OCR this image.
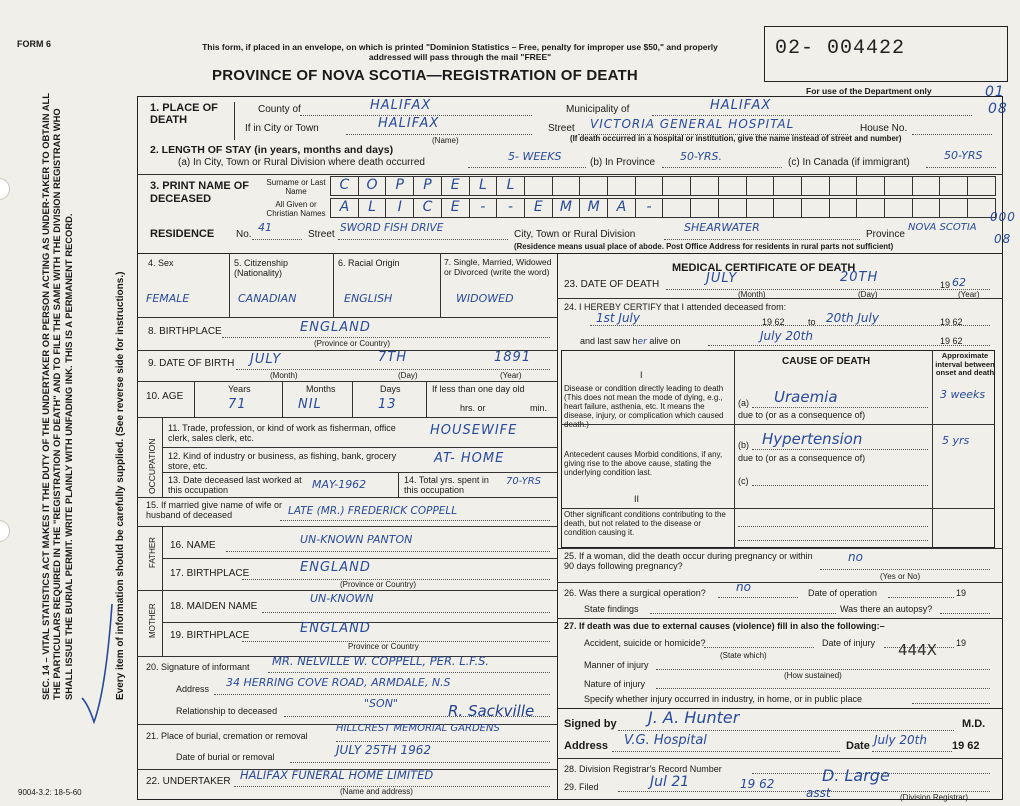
FORM 6
SEC. 14 – VITAL STATISTICS ACT MAKES IT THE DUTY OF THE UNDERTAKER OR PERSON ACTING AS UNDER-TAKER TO OBTAIN ALL THE PARTICULARS REQUIRED IN THE "REGISTRATION OF DEATH" AND TO FILE THE SAME WITH THE DIVISION REGISTRAR WHO SHALL ISSUE THE BURIAL PERMIT. WRITE PLAINLY WITH UNFADING INK. THIS IS A PERMANENT RECORD.	Every item of information should be carefully supplied. (See reverse side for instructions.)
9004-3.2: 18-5-60
This form, if placed in an envelope, on which is printed "Dominion Statistics – Free, penalty for improper use $50," and properly addressed will pass through the mail "FREE"
PROVINCE OF NOVA SCOTIA—REGISTRATION OF DEATH
02- 004422
For use of the Department only	01
08
1. PLACE OF DEATH
County of	HALIFAX	Municipality of	HALIFAX
If in City or Town	HALIFAX
(Name)
Street VICTORIA GENERAL HOSPITAL	House No.
(If death occurred in a hospital or institution, give the name instead of street and number)
2. LENGTH OF STAY (in years, months and days)
(a) In City, Town or Rural Division where death occurred	5- WEEKS	(b) In Province 50-YRS.	(c) In Canada (if immigrant)
50-YRS
3. PRINT NAME OF DECEASED
Surname or Last Name
All Given or Christian Names
C	O	P	P	E	L	L
A	L	I	C	E	-	-	E	M	M	A	-
RESIDENCE No.
41
Street
SWORD FISH DRIVE
City, Town or Rural Division
SHEARWATER
Province
NOVA SCOTIA
000
08
(Residence means usual place of abode. Post Office Address for residents in rural parts not sufficient)
4. Sex	5. Citizenship (Nationality)
6. Racial Origin	7. Single, Married, Widowed or Divorced (write the word)
FEMALE	CANADIAN	ENGLISH	WIDOWED
8. BIRTHPLACE	ENGLAND
(Province or Country)
9. DATE OF BIRTH JULY	7TH	1891
(Month)	(Day)	(Year)
10. AGE
Years	Months	Days	If less than one day old
71	NIL	13	hrs. or	min.
OCCUPATION
11. Trade, profession, or kind of work as fisherman, office clerk, sales clerk, etc.	HOUSEWIFE
12. Kind of industry or business, as fishing, bank, grocery store, etc.	AT- HOME
13. Date deceased last worked at this occupation	MAY-1962	14. Total yrs. spent in this occupation
70-YRS
15. If married give name of wife or husband of deceased	LATE (MR.) FREDERICK COPPELL
FATHER 16. NAME	UN-KNOWN PANTON
17. BIRTHPLACE	ENGLAND
(Province or Country)
MOTHER 18. MAIDEN NAME
UN-KNOWN
19. BIRTHPLACE	ENGLAND
Province or Country
20. Signature of informant MR. NELVILLE W. COPPELL, PER. L.F.S.
Address 34 HERRING COVE ROAD, ARMDALE, N.S
Relationship to deceased
"SON"	R. Sackville
21. Place of burial, cremation or removal
HILLCREST MEMORIAL GARDENS
Date of burial or removal	JULY 25TH 1962
22. UNDERTAKER HALIFAX FUNERAL HOME LIMITED
(Name and address)
MEDICAL CERTIFICATE OF DEATH
23. DATE OF DEATH	JULY	20TH	19 62
(Month)	(Day)	(Year)
24. I HEREBY CERTIFY that I attended deceased from:
1st July	19 62	to 20th July	19 62
and last saw her alive on	July 20th	19 62
CAUSE OF DEATH
Approximate interval between onset and death
I
Disease or condition directly leading to death (This does not mean the mode of dying, e.g., heart failure, asthenia, etc. It means the disease, injury, or complication which caused death.)
(a) Uraemia	3 weeks
due to (or as a consequence of)
Antecedent causes Morbid conditions, if any, giving rise to the above cause, stating the underlying condition last.
(b) Hypertension	5 yrs
due to (or as a consequence of)
(c)
II
Other significant conditions contributing to the death, but not related to the disease or condition causing it.
25. If a woman, did the death occur during pregnancy or within 90 days following pregnancy?
no
(Yes or No)
26. Was there a surgical operation?	no	Date of operation	19
State findings	Was there an autopsy?
27. If death was due to external causes (violence) fill in also the following:–
Accident, suicide or homicide?	Date of injury	19
(State which)
Manner of injury
444X
(How sustained)
Nature of injury
Specify whether injury occurred in industry, in home, or in public place
Signed by J. A. Hunter	M.D.
Address V.G. Hospital	Date July 20th 19 62
28. Division Registrar's Record Number
29. Filed	Jul 21	19 62	D. Large
asst	(Division Registrar)
